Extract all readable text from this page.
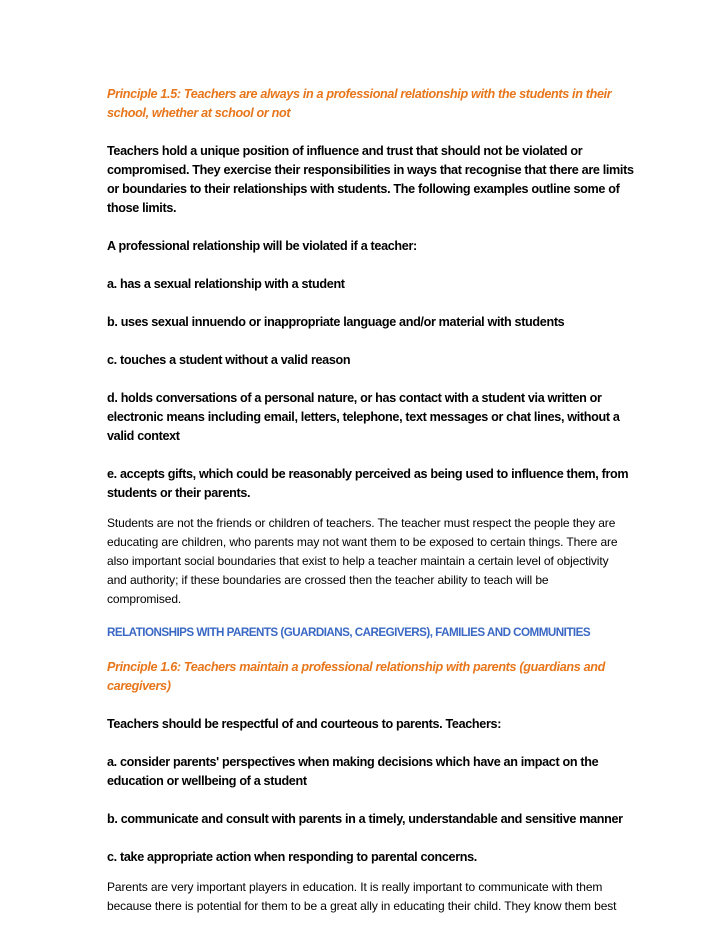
Principle 1.5: Teachers are always in a professional relationship with the students in their
school, whether at school or not

Teachers hold a unique position of influence and trust that should not be violated or
compromised. They exercise their responsibilities in ways that recognise that there are limits
or boundaries to their relationships with students. The following examples outline some of
those limits.

A professional relationship will be violated if a teacher:

a. has a sexual relationship with a student

b. uses sexual innuendo or inappropriate language and/or material with students

c. touches a student without a valid reason

d. holds conversations of a personal nature, or has contact with a student via written or
electronic means including email, letters, telephone, text messages or chat lines, without a
valid context

e. accepts gifts, which could be reasonably perceived as being used to influence them, from
students or their parents.

Students are not the friends or children of teachers. The teacher must respect the people they are
educating are children, who parents may not want them to be exposed to certain things. There are
also important social boundaries that exist to help a teacher maintain a certain level of objectivity
and authority; if these boundaries are crossed then the teacher ability to teach will be
compromised.

RELATIONSHIPS WITH PARENTS (GUARDIANS, CAREGIVERS), FAMILIES AND COMMUNITIES

Principle 1.6: Teachers maintain a professional relationship with parents (guardians and
caregivers)

Teachers should be respectful of and courteous to parents. Teachers:

a. consider parents' perspectives when making decisions which have an impact on the
education or wellbeing of a student

b. communicate and consult with parents in a timely, understandable and sensitive manner

c. take appropriate action when responding to parental concerns.

Parents are very important players in education. It is really important to communicate with them
because there is potential for them to be a great ally in educating their child. They know them best
